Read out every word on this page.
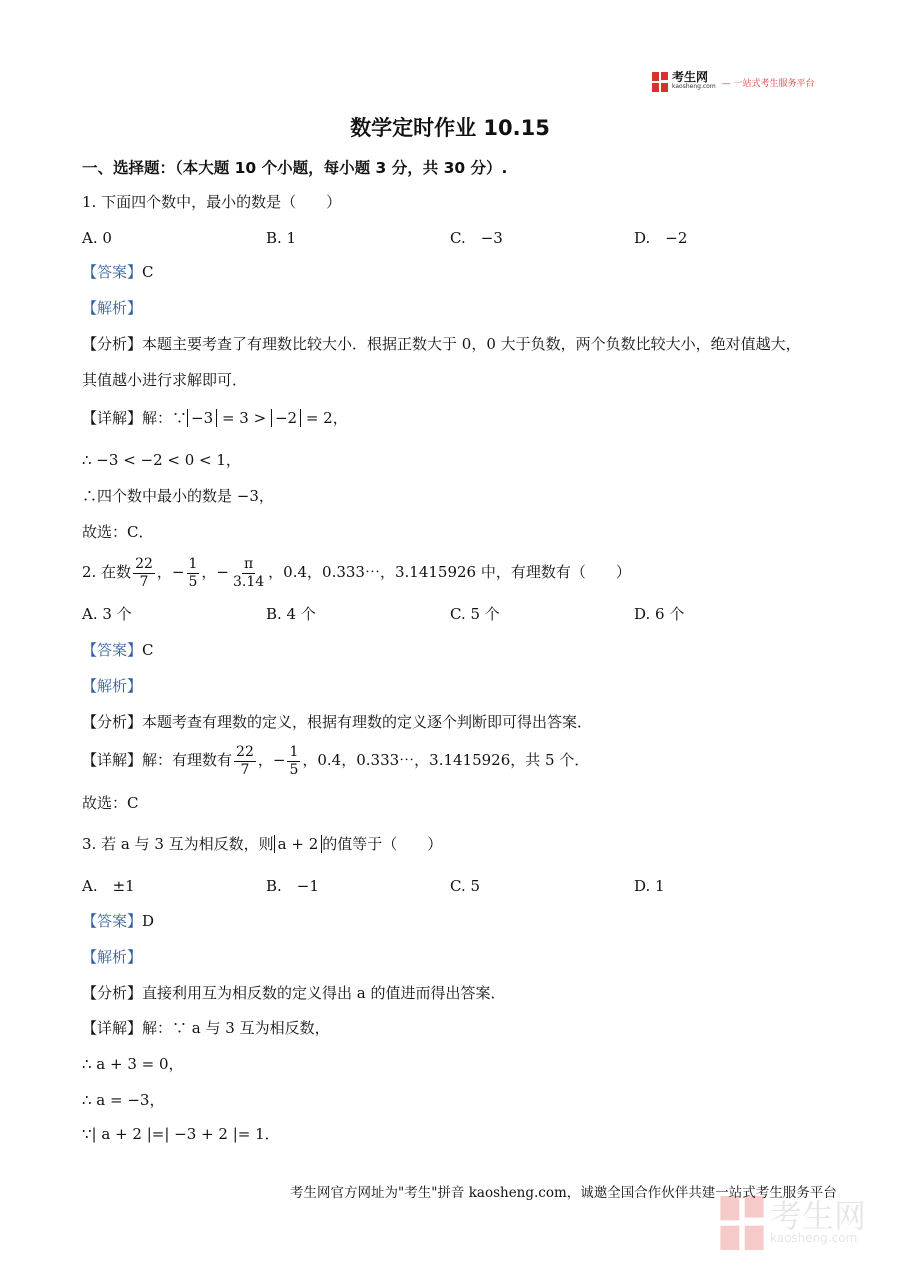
考生网
kaosheng.com — 一站式考生服务平台
数学定时作业 10.15
一、选择题：（本大题 10 个小题，每小题 3 分，共 30 分）.
1. 下面四个数中，最小的数是（　　）
A. 0	B. 1	C.　−3	D.　−2
【答案】C
【解析】
【分析】本题主要考查了有理数比较大小．根据正数大于 0，0 大于负数，两个负数比较大小，绝对值越大，
其值越小进行求解即可．
【详解】解：∵ −3 = 3 > −2 = 2，
∴ −3 < −2 < 0 < 1，
∴四个数中最小的数是 −3，
故选：C．
2. 在数 $\frac{22}{7}$ ，− $\frac{1}{5}$ ，− $\frac{\pi}{3.14}$ ，0.4，0.333⋯，3.1415926 中，有理数有（　　）
A. 3 个	B. 4 个	C. 5 个	D. 6 个
【答案】C
【解析】
【分析】本题考查有理数的定义，根据有理数的定义逐个判断即可得出答案．
【详解】解：有理数有 $\frac{22}{7}$ ，− $\frac{1}{5}$ ，0.4，0.333⋯，3.1415926，共 5 个．
故选：C
3. 若 a 与 3 互为相反数，则 a + 2 的值等于（　　）
A.　±1	B.　−1	C. 5	D. 1
【答案】D
【解析】
【分析】直接利用互为相反数的定义得出 a 的值进而得出答案．
【详解】解：∵ a 与 3 互为相反数，
∴ a + 3 = 0，
∴ a = −3，
∵| a + 2 |=| −3 + 2 |= 1．
考生网官方网址为"考生"拼音 kaosheng.com，诚邀全国合作伙伴共建一站式考生服务平台
考生网
kaosheng.com
